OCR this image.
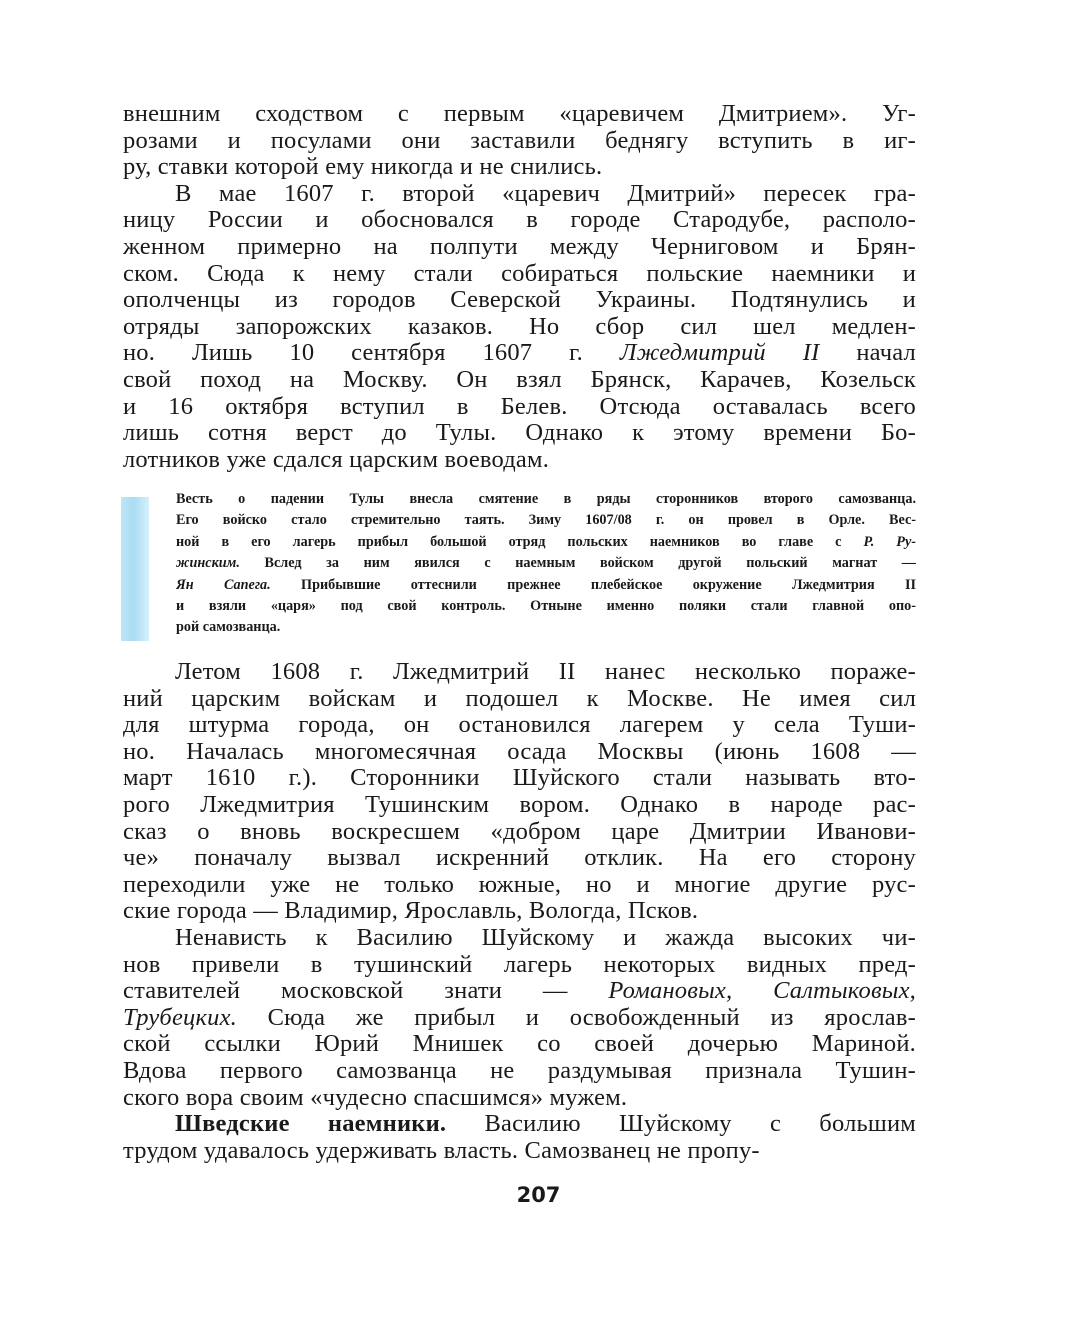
внешним сходством с первым «царевичем Дмитрием». Уг-
розами и посулами они заставили беднягу вступить в иг-
ру, ставки которой ему никогда и не снились.
В мае 1607 г. второй «царевич Дмитрий» пересек гра-
ницу России и обосновался в городе Стародубе, располо-
женном примерно на полпути между Черниговом и Брян-
ском. Сюда к нему стали собираться польские наемники и
ополченцы из городов Северской Украины. Подтянулись и
отряды запорожских казаков. Но сбор сил шел медлен-
но. Лишь 10 сентября 1607 г. Лжедмитрий II начал
свой поход на Москву. Он взял Брянск, Карачев, Козельск
и 16 октября вступил в Белев. Отсюда оставалась всего
лишь сотня верст до Тулы. Однако к этому времени Бо-
лотников уже сдался царским воеводам.
Весть о падении Тулы внесла смятение в ряды сторонников второго самозванца.
Его войско стало стремительно таять. Зиму 1607/08 г. он провел в Орле. Вес-
ной в его лагерь прибыл большой отряд польских наемников во главе с Р. Ру-
жинским. Вслед за ним явился с наемным войском другой польский магнат —
Ян Сапега. Прибывшие оттеснили прежнее плебейское окружение Лжедмитрия II
и взяли «царя» под свой контроль. Отныне именно поляки стали главной опо-
рой самозванца.
Летом 1608 г. Лжедмитрий II нанес несколько пораже-
ний царским войскам и подошел к Москве. Не имея сил
для штурма города, он остановился лагерем у села Туши-
но. Началась многомесячная осада Москвы (июнь 1608 —
март 1610 г.). Сторонники Шуйского стали называть вто-
рого Лжедмитрия Тушинским вором. Однако в народе рас-
сказ о вновь воскресшем «добром царе Дмитрии Иванови-
че» поначалу вызвал искренний отклик. На его сторону
переходили уже не только южные, но и многие другие рус-
ские города — Владимир, Ярославль, Вологда, Псков.
Ненависть к Василию Шуйскому и жажда высоких чи-
нов привели в тушинский лагерь некоторых видных пред-
ставителей московской знати — Романовых, Салтыковых,
Трубецких. Сюда же прибыл и освобожденный из ярослав-
ской ссылки Юрий Мнишек со своей дочерью Мариной.
Вдова первого самозванца не раздумывая признала Тушин-
ского вора своим «чудесно спасшимся» мужем.
Шведские наемники. Василию Шуйскому с большим
трудом удавалось удерживать власть. Самозванец не пропу-
207
